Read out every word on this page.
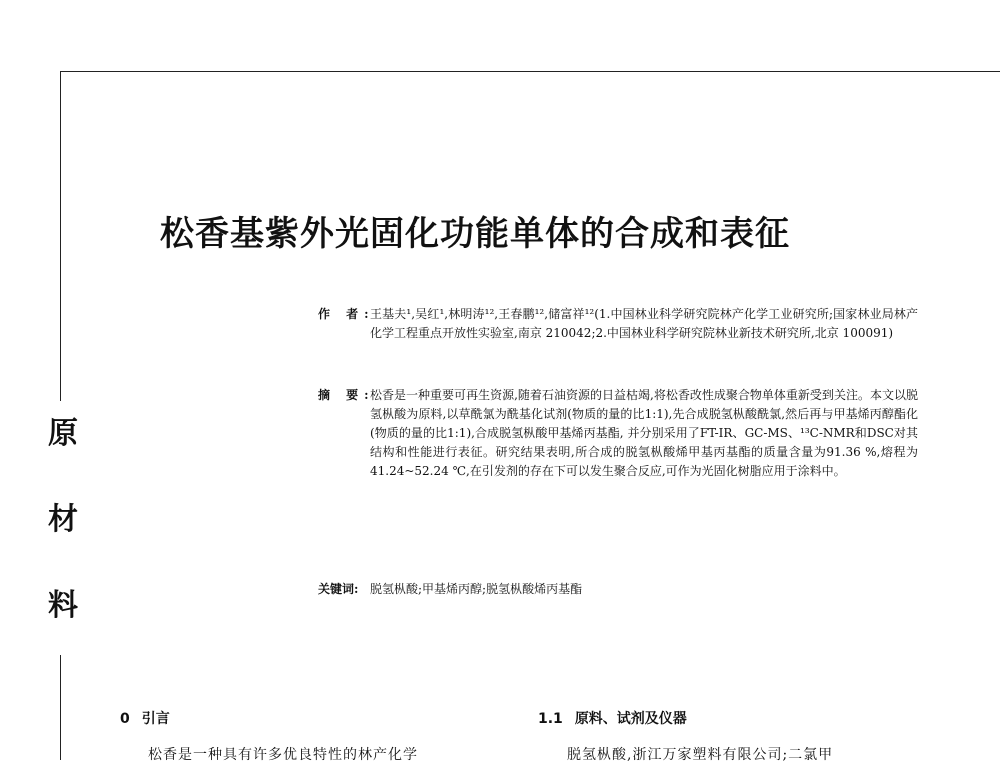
松香基紫外光固化功能单体的合成和表征
作 者:
王基夫¹,吴红¹,林明涛¹²,王春鹏¹²,储富祥¹²(1.中国林业科学研究院林产化学工业研究所;国家林业局林产化学工程重点开放性实验室,南京 210042;2.中国林业科学研究院林业新技术研究所,北京 100091)
摘 要:
松香是一种重要可再生资源,随着石油资源的日益枯竭,将松香改性成聚合物单体重新受到关注。本文以脱氢枞酸为原料,以草酰氯为酰基化试剂(物质的量的比1:1),先合成脱氢枞酸酰氯,然后再与甲基烯丙醇酯化(物质的量的比1:1),合成脱氢枞酸甲基烯丙基酯, 并分别采用了FT-IR、GC-MS、¹³C-NMR和DSC对其结构和性能进行表征。研究结果表明,所合成的脱氢枞酸烯甲基丙基酯的质量含量为91.36 %,熔程为41.24~52.24 ℃,在引发剂的存在下可以发生聚合反应,可作为光固化树脂应用于涂料中。
关键词: 脱氢枞酸;甲基烯丙醇;脱氢枞酸烯丙基酯
原
材
料
0 引言	1.1 原料、试剂及仪器
松香是一种具有许多优良特性的林产化学	脱氢枞酸,浙江万家塑料有限公司;二氯甲
